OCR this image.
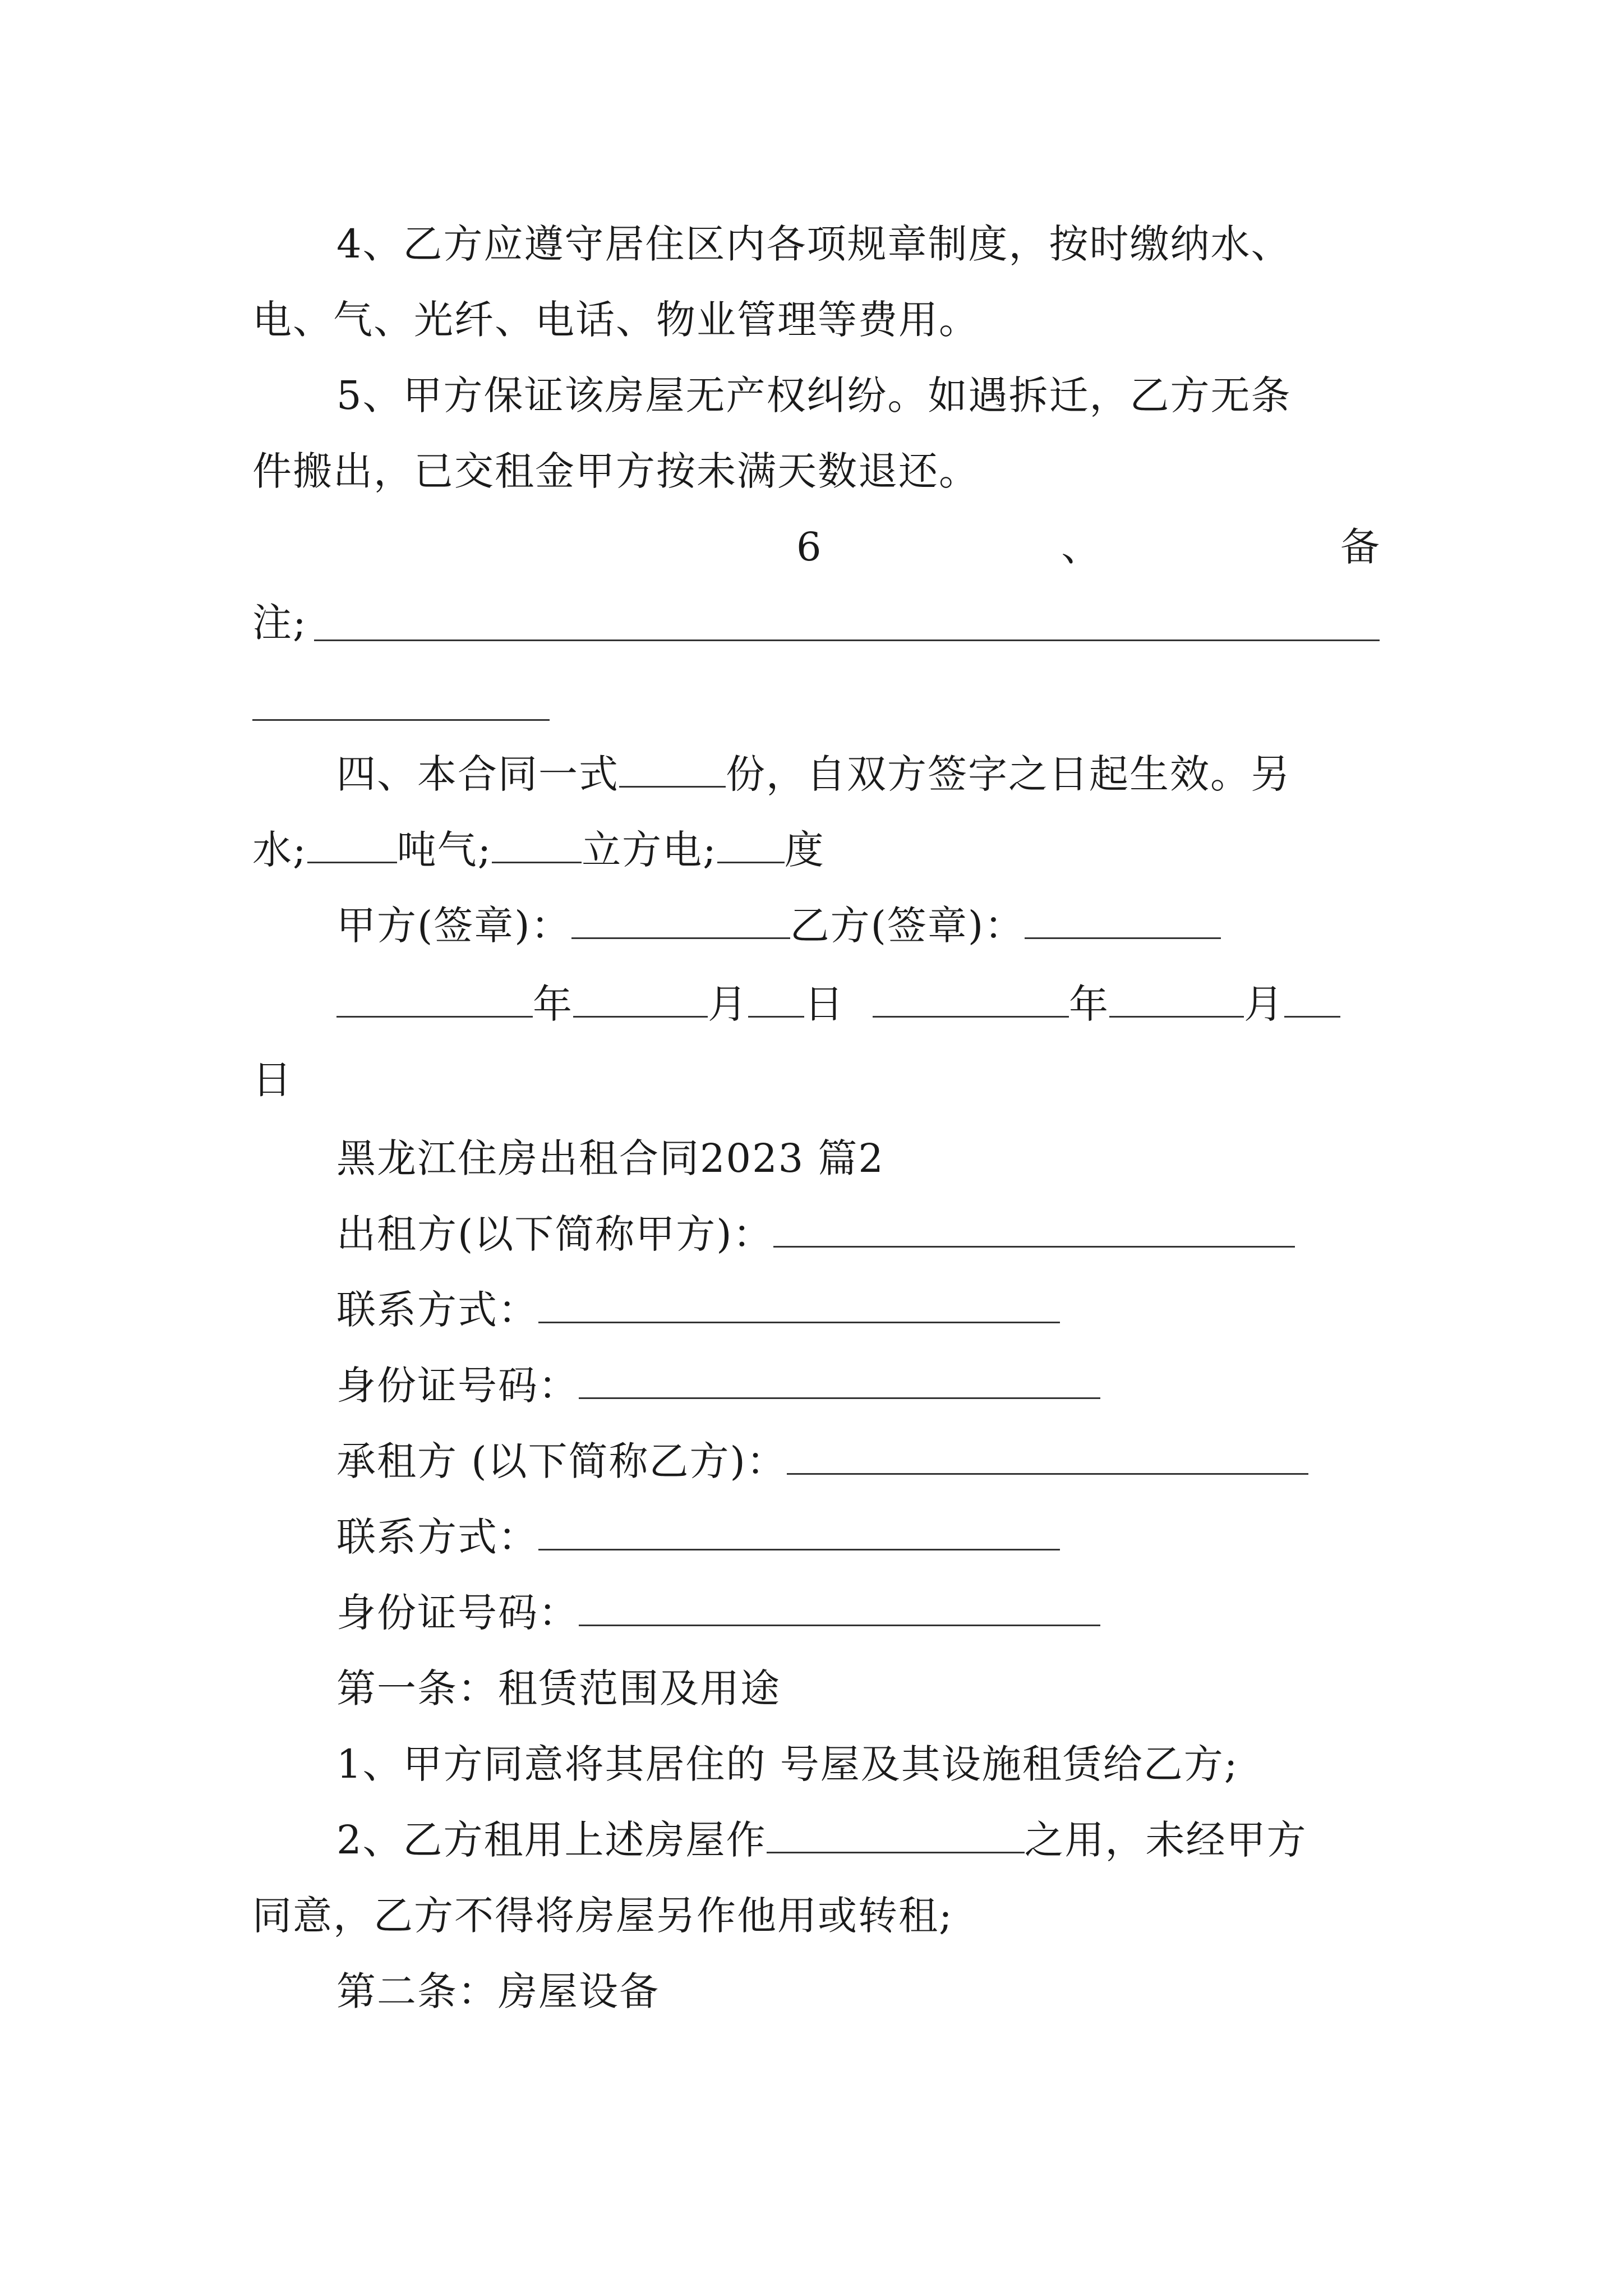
4、乙方应遵守居住区内各项规章制度，按时缴纳水、
电、气、光纤、电话、物业管理等费用。
5、甲方保证该房屋无产权纠纷。如遇拆迁，乙方无条
件搬出，已交租金甲方按未满天数退还。
6	、	备
注;
四、本合同一式	份，自双方签字之日起生效。另
水; 吨气; 立方电; 度
甲方(签章)：	乙方(签章)：
年	月 日	年	月
日
黑龙江住房出租合同2023 篇2
出租方(以下简称甲方)：
联系方式：
身份证号码：
承租方 (以下简称乙方)：
联系方式：
身份证号码：
第一条：租赁范围及用途
1、甲方同意将其居住的 号屋及其设施租赁给乙方;
2、乙方租用上述房屋作	之用，未经甲方
同意，乙方不得将房屋另作他用或转租;
第二条：房屋设备
